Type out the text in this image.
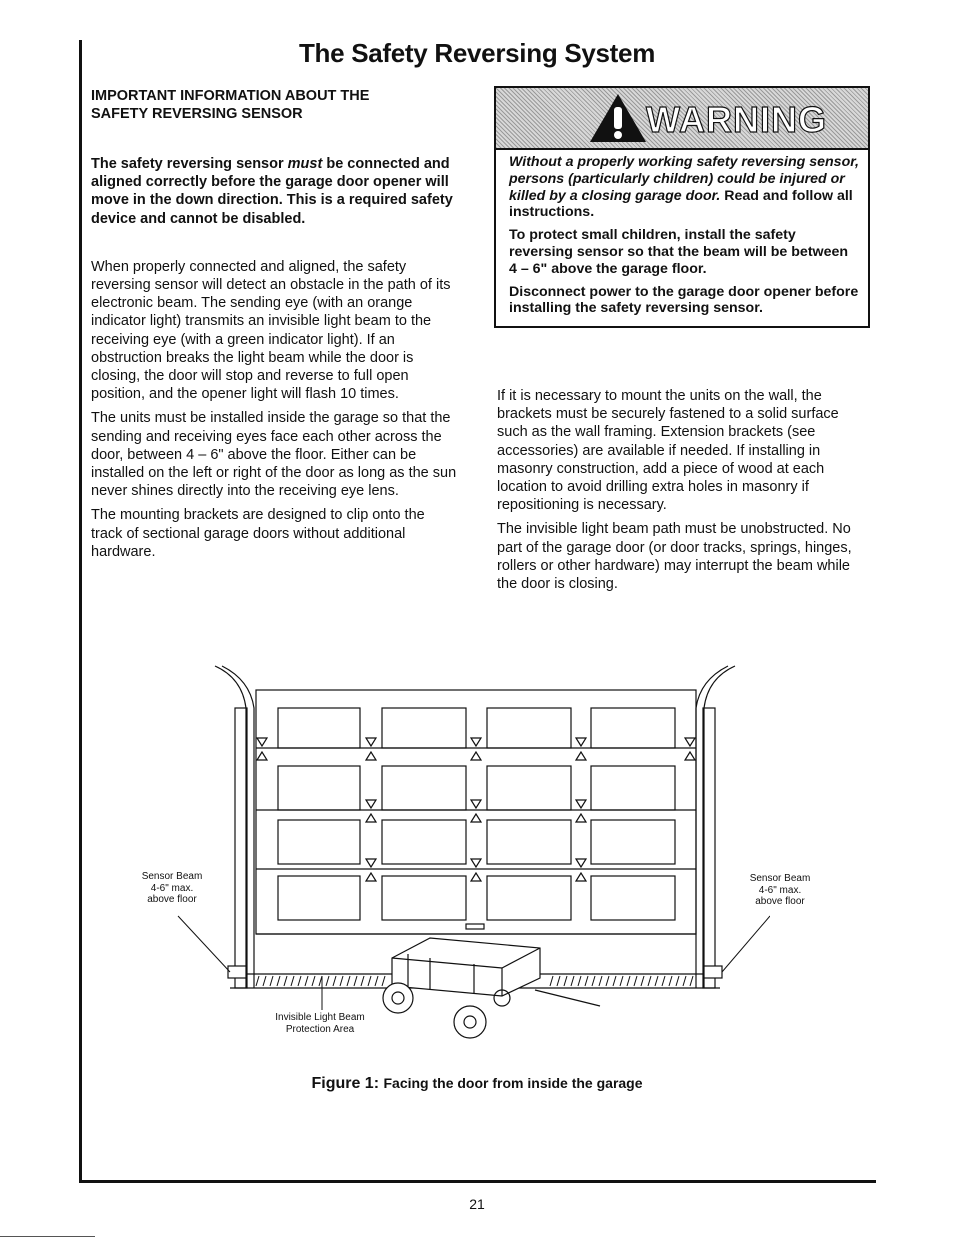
The Safety Reversing System
IMPORTANT INFORMATION ABOUT THE
SAFETY REVERSING SENSOR

The safety reversing sensor must be connected and aligned correctly before the garage door opener will move in the down direction. This is a required safety device and cannot be disabled.

When properly connected and aligned, the safety reversing sensor will detect an obstacle in the path of its electronic beam. The sending eye (with an orange indicator light) transmits an invisible light beam to the receiving eye (with a green indicator light). If an obstruction breaks the light beam while the door is closing, the door will stop and reverse to full open position, and the opener light will flash 10 times.

The units must be installed inside the garage so that the sending and receiving eyes face each other across the door, between 4 – 6" above the floor. Either can be installed on the left or right of the door as long as the sun never shines directly into the receiving eye lens.

The mounting brackets are designed to clip onto the track of sectional garage doors without additional hardware.

WARNING

Without a properly working safety reversing sensor, persons (particularly children) could be injured or killed by a closing garage door. Read and follow all instructions.

To protect small children, install the safety reversing sensor so that the beam will be between 4 – 6" above the garage floor.

Disconnect power to the garage door opener before installing the safety reversing sensor.

If it is necessary to mount the units on the wall, the brackets must be securely fastened to a solid surface such as the wall framing. Extension brackets (see accessories) are available if needed. If installing in masonry construction, add a piece of wood at each location to avoid drilling extra holes in masonry if repositioning is necessary.

The invisible light beam path must be unobstructed. No part of the garage door (or door tracks, springs, hinges, rollers or other hardware) may interrupt the beam while the door is closing.

Sensor Beam
4-6" max.
above floor
Sensor Beam
4-6" max.
above floor
Invisible Light Beam
Protection Area
Figure 1: Facing the door from inside the garage
21
